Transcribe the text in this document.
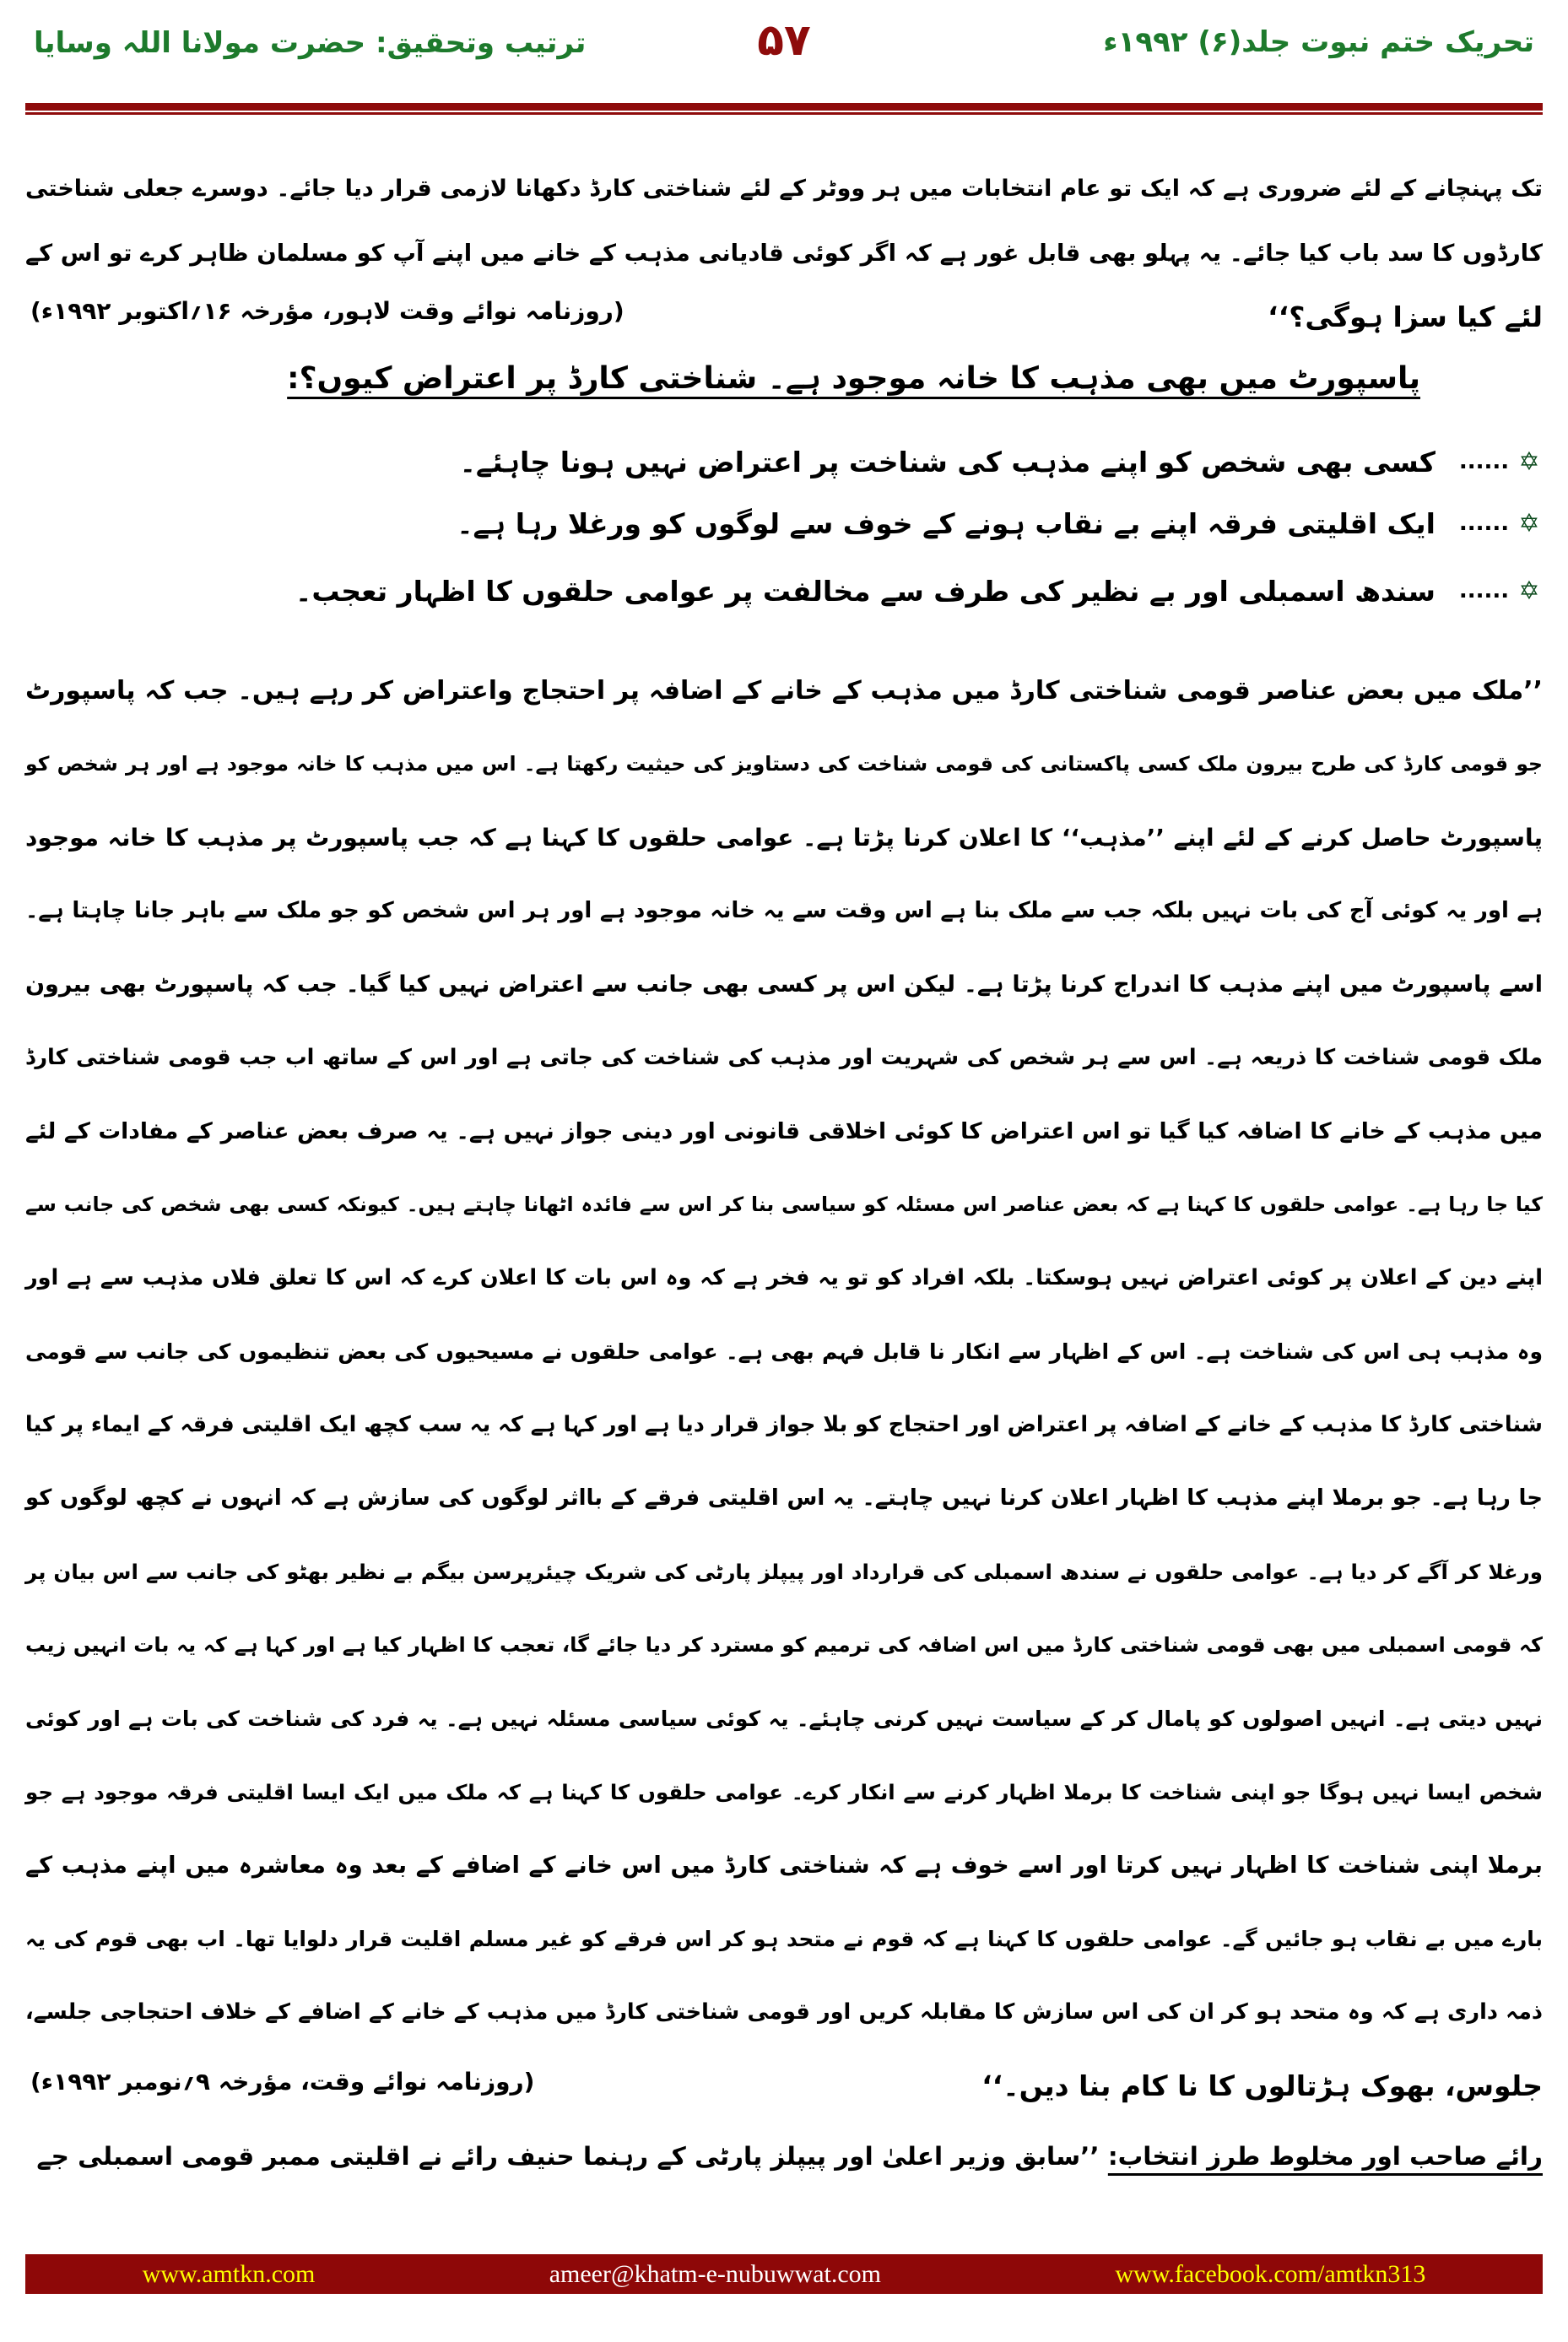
تحریک ختم نبوت جلد(۶) ۱۹۹۲ء
۵۷
ترتیب وتحقیق: حضرت مولانا اللہ وسایا
تک پہنچانے کے لئے ضروری ہے کہ ایک تو عام انتخابات میں ہر ووٹر کے لئے شناختی کارڈ دکھانا لازمی قرار دیا جائے۔ دوسرے جعلی شناختی
کارڈوں کا سد باب کیا جائے۔ یہ پہلو بھی قابل غور ہے کہ اگر کوئی قادیانی مذہب کے خانے میں اپنے آپ کو مسلمان ظاہر کرے تو اس کے
لئے کیا سزا ہوگی؟‘‘
(روزنامہ نوائے وقت لاہور، مؤرخہ ۱۶؍اکتوبر ۱۹۹۲ء)
پاسپورٹ میں بھی مذہب کا خانہ موجود ہے۔ شناختی کارڈ پر اعتراض کیوں؟:
✡
......
کسی بھی شخص کو اپنے مذہب کی شناخت پر اعتراض نہیں ہونا چاہئے۔
✡
......
ایک اقلیتی فرقہ اپنے بے نقاب ہونے کے خوف سے لوگوں کو ورغلا رہا ہے۔
✡
......
سندھ اسمبلی اور بے نظیر کی طرف سے مخالفت پر عوامی حلقوں کا اظہار تعجب۔
’’ملک میں بعض عناصر قومی شناختی کارڈ میں مذہب کے خانے کے اضافہ پر احتجاج واعتراض کر رہے ہیں۔ جب کہ پاسپورٹ
جو قومی کارڈ کی طرح بیرون ملک کسی پاکستانی کی قومی شناخت کی دستاویز کی حیثیت رکھتا ہے۔ اس میں مذہب کا خانہ موجود ہے اور ہر شخص کو
پاسپورٹ حاصل کرنے کے لئے اپنے ’’مذہب‘‘ کا اعلان کرنا پڑتا ہے۔ عوامی حلقوں کا کہنا ہے کہ جب پاسپورٹ پر مذہب کا خانہ موجود
ہے اور یہ کوئی آج کی بات نہیں بلکہ جب سے ملک بنا ہے اس وقت سے یہ خانہ موجود ہے اور ہر اس شخص کو جو ملک سے باہر جانا چاہتا ہے۔
اسے پاسپورٹ میں اپنے مذہب کا اندراج کرنا پڑتا ہے۔ لیکن اس پر کسی بھی جانب سے اعتراض نہیں کیا گیا۔ جب کہ پاسپورٹ بھی بیرون
ملک قومی شناخت کا ذریعہ ہے۔ اس سے ہر شخص کی شہریت اور مذہب کی شناخت کی جاتی ہے اور اس کے ساتھ اب جب قومی شناختی کارڈ
میں مذہب کے خانے کا اضافہ کیا گیا تو اس اعتراض کا کوئی اخلاقی قانونی اور دینی جواز نہیں ہے۔ یہ صرف بعض عناصر کے مفادات کے لئے
کیا جا رہا ہے۔ عوامی حلقوں کا کہنا ہے کہ بعض عناصر اس مسئلہ کو سیاسی بنا کر اس سے فائدہ اٹھانا چاہتے ہیں۔ کیونکہ کسی بھی شخص کی جانب سے
اپنے دین کے اعلان پر کوئی اعتراض نہیں ہوسکتا۔ بلکہ افراد کو تو یہ فخر ہے کہ وہ اس بات کا اعلان کرے کہ اس کا تعلق فلاں مذہب سے ہے اور
وہ مذہب ہی اس کی شناخت ہے۔ اس کے اظہار سے انکار نا قابل فہم بھی ہے۔ عوامی حلقوں نے مسیحیوں کی بعض تنظیموں کی جانب سے قومی
شناختی کارڈ کا مذہب کے خانے کے اضافہ پر اعتراض اور احتجاج کو بلا جواز قرار دیا ہے اور کہا ہے کہ یہ سب کچھ ایک اقلیتی فرقہ کے ایماء پر کیا
جا رہا ہے۔ جو برملا اپنے مذہب کا اظہار اعلان کرنا نہیں چاہتے۔ یہ اس اقلیتی فرقے کے بااثر لوگوں کی سازش ہے کہ انہوں نے کچھ لوگوں کو
ورغلا کر آگے کر دیا ہے۔ عوامی حلقوں نے سندھ اسمبلی کی قرارداد اور پیپلز پارٹی کی شریک چیئرپرسن بیگم بے نظیر بھٹو کی جانب سے اس بیان پر
کہ قومی اسمبلی میں بھی قومی شناختی کارڈ میں اس اضافہ کی ترمیم کو مسترد کر دیا جائے گا، تعجب کا اظہار کیا ہے اور کہا ہے کہ یہ بات انہیں زیب
نہیں دیتی ہے۔ انہیں اصولوں کو پامال کر کے سیاست نہیں کرنی چاہئے۔ یہ کوئی سیاسی مسئلہ نہیں ہے۔ یہ فرد کی شناخت کی بات ہے اور کوئی
شخص ایسا نہیں ہوگا جو اپنی شناخت کا برملا اظہار کرنے سے انکار کرے۔ عوامی حلقوں کا کہنا ہے کہ ملک میں ایک ایسا اقلیتی فرقہ موجود ہے جو
برملا اپنی شناخت کا اظہار نہیں کرتا اور اسے خوف ہے کہ شناختی کارڈ میں اس خانے کے اضافے کے بعد وہ معاشرہ میں اپنے مذہب کے
بارے میں بے نقاب ہو جائیں گے۔ عوامی حلقوں کا کہنا ہے کہ قوم نے متحد ہو کر اس فرقے کو غیر مسلم اقلیت قرار دلوایا تھا۔ اب بھی قوم کی یہ
ذمہ داری ہے کہ وہ متحد ہو کر ان کی اس سازش کا مقابلہ کریں اور قومی شناختی کارڈ میں مذہب کے خانے کے اضافے کے خلاف احتجاجی جلسے،
جلوس، بھوک ہڑتالوں کا نا کام بنا دیں۔‘‘
(روزنامہ نوائے وقت، مؤرخہ ۹؍نومبر ۱۹۹۲ء)
رائے صاحب اور مخلوط طرز انتخاب: ’’سابق وزیر اعلیٰ اور پیپلز پارٹی کے رہنما حنیف رائے نے اقلیتی ممبر قومی اسمبلی جے
www.amtkn.com	ameer@khatm-e-nubuwwat.com	www.facebook.com/amtkn313
